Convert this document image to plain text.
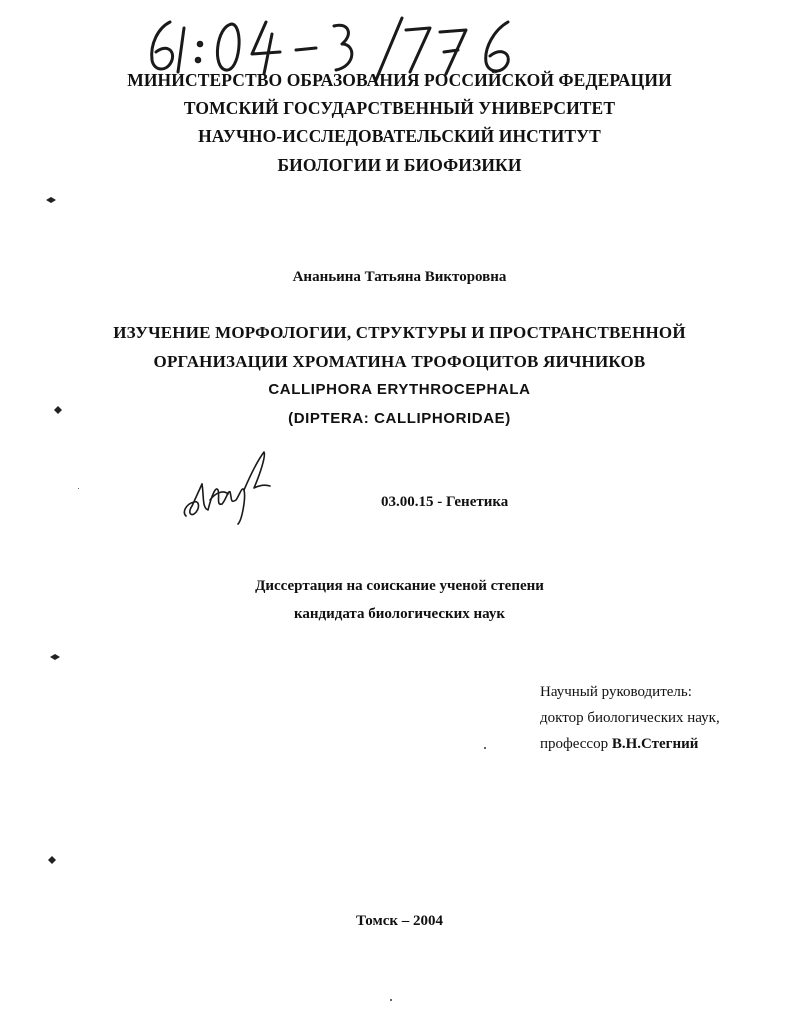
МИНИСТЕРСТВО ОБРАЗОВАНИЯ РОССИЙСКОЙ ФЕДЕРАЦИИ
ТОМСКИЙ ГОСУДАРСТВЕННЫЙ УНИВЕРСИТЕТ
НАУЧНО-ИССЛЕДОВАТЕЛЬСКИЙ ИНСТИТУТ
БИОЛОГИИ И БИОФИЗИКИ
Ананьина Татьяна Викторовна
ИЗУЧЕНИЕ МОРФОЛОГИИ, СТРУКТУРЫ И ПРОСТРАНСТВЕННОЙ
ОРГАНИЗАЦИИ ХРОМАТИНА ТРОФОЦИТОВ ЯИЧНИКОВ
CALLIPHORA ERYTHROCEPHALA
(DIPTERA: CALLIPHORIDAE)
03.00.15 - Генетика
Диссертация на соискание ученой степени
кандидата биологических наук
Научный руководитель:
доктор биологических наук,
профессор В.Н.Стегний
Томск – 2004
